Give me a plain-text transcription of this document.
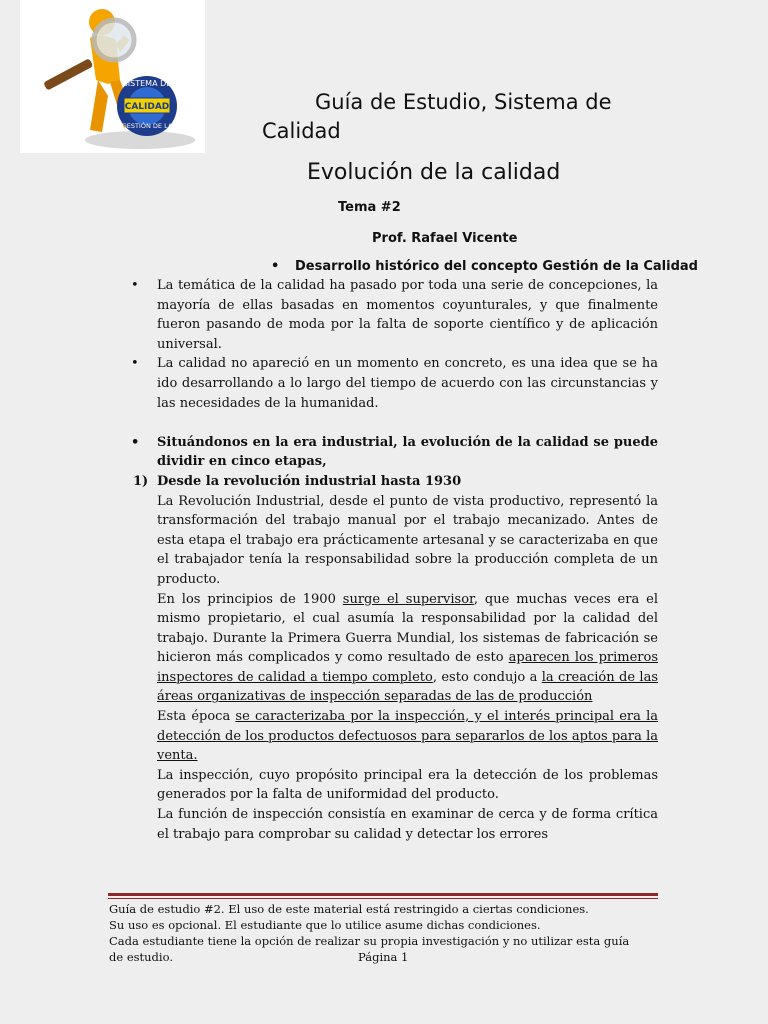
SISTEMA DE
CALIDAD
GESTIÓN DE LA
Guía de Estudio, Sistema de
Calidad
Evolución de la calidad
Tema #2
Prof. Rafael Vicente
• Desarrollo histórico del concepto Gestión de la Calidad
• La temática de la calidad ha pasado por toda una serie de concepciones, la mayoría de ellas basadas en momentos coyunturales, y que finalmente fueron pasando de moda por la falta de soporte científico y de aplicación universal.
• La calidad no apareció en un momento en concreto, es una idea que se ha ido desarrollando a lo largo del tiempo de acuerdo con las circunstancias y las necesidades de la humanidad.
• Situándonos en la era industrial, la evolución de la calidad se puede dividir en cinco etapas,
1) Desde la revolución industrial hasta 1930
La Revolución Industrial, desde el punto de vista productivo, representó la transformación del trabajo manual por el trabajo mecanizado. Antes de esta etapa el trabajo era prácticamente artesanal y se caracterizaba en que el trabajador tenía la responsabilidad sobre la producción completa de un producto.
En los principios de 1900 surge el supervisor, que muchas veces era el mismo propietario, el cual asumía la responsabilidad por la calidad del trabajo. Durante la Primera Guerra Mundial, los sistemas de fabricación se hicieron más complicados y como resultado de esto aparecen los primeros inspectores de calidad a tiempo completo, esto condujo a la creación de las áreas organizativas de inspección separadas de las de producción
Esta época se caracterizaba por la inspección, y el interés principal era la detección de los productos defectuosos para separarlos de los aptos para la venta.
La inspección, cuyo propósito principal era la detección de los problemas generados por la falta de uniformidad del producto.
La función de inspección consistía en examinar de cerca y de forma crítica el trabajo para comprobar su calidad y detectar los errores
Guía de estudio #2. El uso de este material está restringido a ciertas condiciones.
Su uso es opcional. El estudiante que lo utilice asume dichas condiciones.
Cada estudiante tiene la opción de realizar su propia investigación y no utilizar esta guía
de estudio.	Página 1
